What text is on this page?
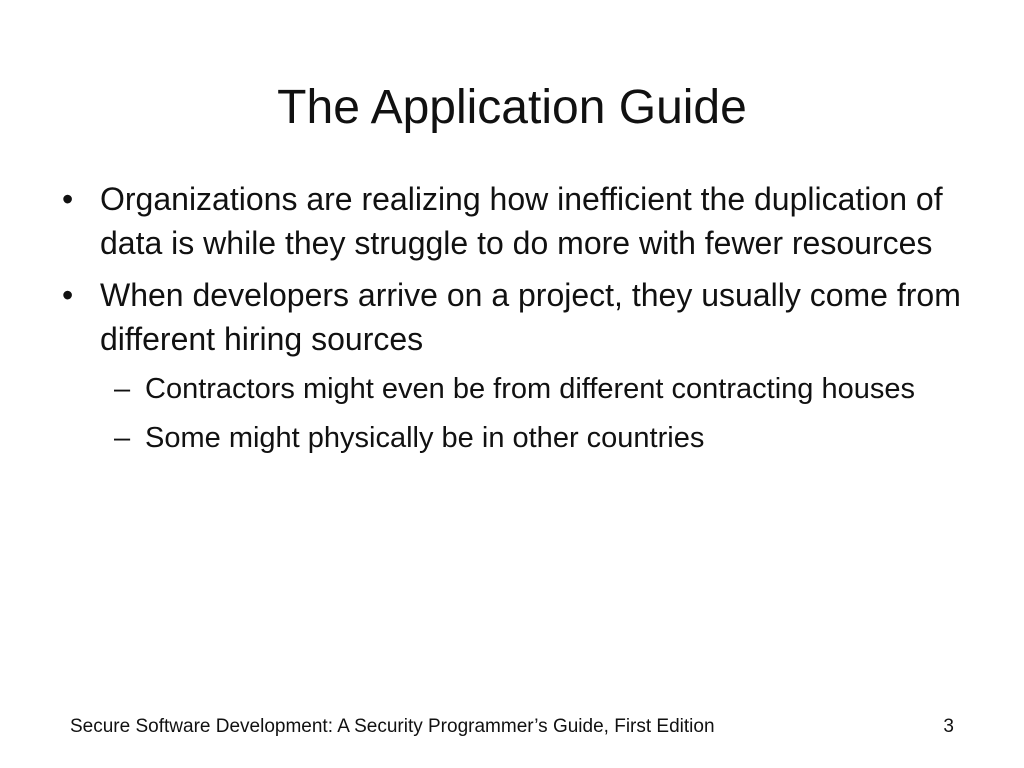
The Application Guide
• Organizations are realizing how inefficient the duplication of data is while they struggle to do more with fewer resources
• When developers arrive on a project, they usually come from different hiring sources
– Contractors might even be from different contracting houses
– Some might physically be in other countries
Secure Software Development: A Security Programmer’s Guide, First Edition	3
